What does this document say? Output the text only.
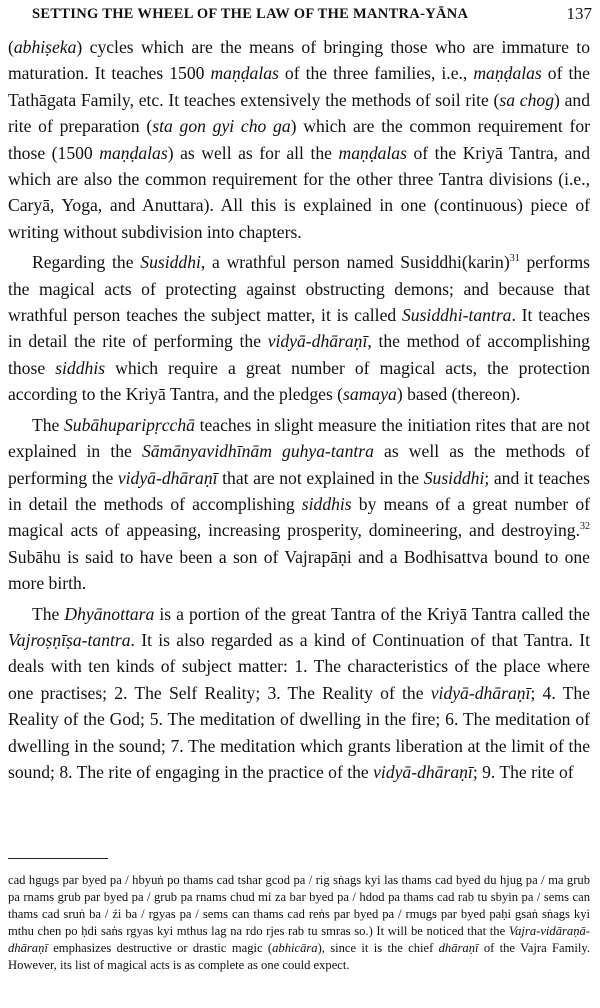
SETTING THE WHEEL OF THE LAW OF THE MANTRA-YĀNA	137

(abhiṣeka) cycles which are the means of bringing those who are immature to maturation. It teaches 1500 maṇḍalas of the three families, i.e., maṇḍalas of the Tathāgata Family, etc. It teaches extensively the methods of soil rite (sa chog) and rite of preparation (sta gon gyi cho ga) which are the common requirement for those (1500 maṇḍalas) as well as for all the maṇḍalas of the Kriyā Tantra, and which are also the common requirement for the other three Tantra divisions (i.e., Caryā, Yoga, and Anuttara). All this is explained in one (continuous) piece of writing without subdivision into chapters.

Regarding the Susiddhi, a wrathful person named Susiddhi(karin)$^{31}$ performs the magical acts of protecting against obstructing demons; and because that wrathful person teaches the subject matter, it is called Susiddhi-tantra. It teaches in detail the rite of performing the vidyā-dhāraṇī, the method of accomplishing those siddhis which require a great number of magical acts, the protection according to the Kriyā Tantra, and the pledges (samaya) based (thereon).

The Subāhuparipṛcchā teaches in slight measure the initiation rites that are not explained in the Sāmānyavidhīnām guhya-tantra as well as the methods of performing the vidyā-dhāraṇī that are not explained in the Susiddhi; and it teaches in detail the methods of accomplishing siddhis by means of a great number of magical acts of appeasing, increasing prosperity, domineering, and destroying.$^{32}$ Subāhu is said to have been a son of Vajrapāṇi and a Bodhisattva bound to one more birth.

The Dhyānottara is a portion of the great Tantra of the Kriyā Tantra called the Vajroṣṇīṣa-tantra. It is also regarded as a kind of Continuation of that Tantra. It deals with ten kinds of subject matter: 1. The characteristics of the place where one practises; 2. The Self Reality; 3. The Reality of the vidyā-dhāraṇī; 4. The Reality of the God; 5. The meditation of dwelling in the fire; 6. The meditation of dwelling in the sound; 7. The meditation which grants liberation at the limit of the sound; 8. The rite of engaging in the practice of the vidyā-dhāraṇī; 9. The rite of

cad hgugs par byed pa / hbyuṅ po thams cad tshar gcod pa / rig sṅags kyi las thams cad byed du hjug pa / ma grub pa rnams grub par byed pa / grub pa rnams chud mi za bar byed pa / hdod pa thams cad rab tu sbyin pa / sems can thams cad sruṅ ba / źi ba / rgyas pa / sems can thams cad reṅs par byed pa / rmugs par byed paḥi gsaṅ sṅags kyi mthu chen po ḥdi saṅs rgyas kyi mthus lag na rdo rjes rab tu smras so.) It will be noticed that the Vajra-vidāraṇā-dhāraṇī emphasizes destructive or drastic magic (abhicāra), since it is the chief dhāraṇī of the Vajra Family. However, its list of magical acts is as complete as one could expect.
